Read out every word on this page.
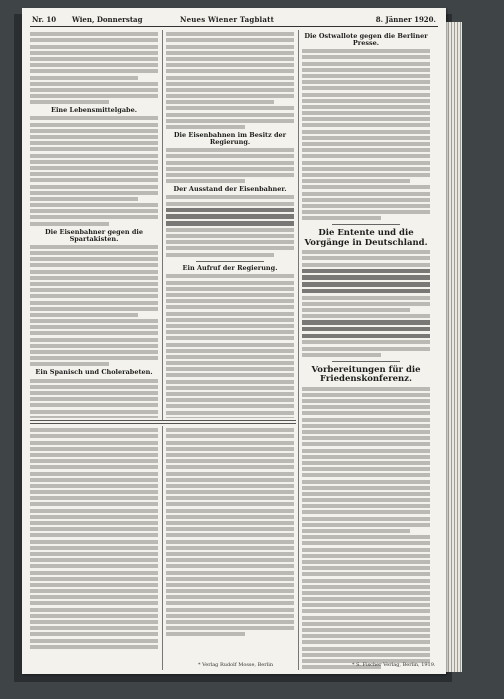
Nr. 10 Wien, Donnerstag	Neues Wiener Tagblatt	8. Jänner 1920.
Eine Lebensmittelgabe.
Die Eisenbahner gegen die Spartakisten.
Ein Spanisch und Cholerabeten.
Die Eisenbahnen im Besitz der Regierung.
Der Ausstand der Eisenbahner.
Ein Aufruf der Regierung.
Die Ostwallote gegen die Berliner Presse.
Die Entente und die Vorgänge in Deutschland.
Vorbereitungen für die Friedenskonferenz.
* Verlag Rudolf Mosse, Berlin	* S. Fischer Verlag, Berlin, 1919.
